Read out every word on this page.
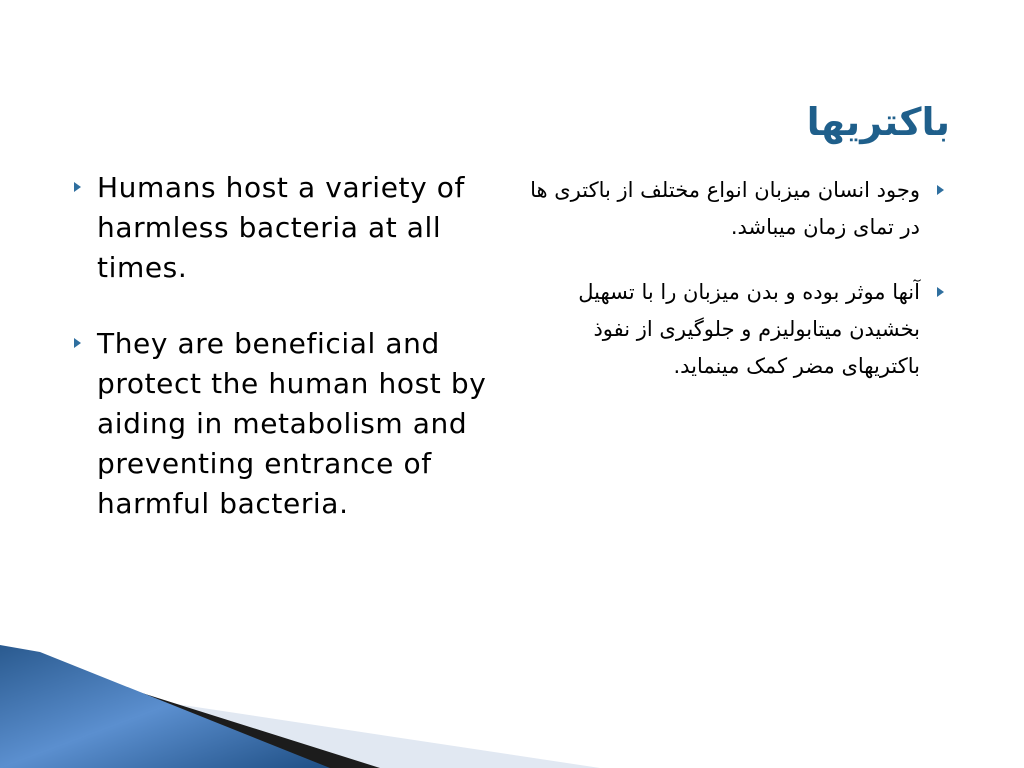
باکتریها
Humans host a variety of harmless bacteria at all times.
They are beneficial and protect the human host by aiding in metabolism and preventing entrance of harmful bacteria.
وجود انسان میزبان انواع مختلف از باکتری ها در تمای زمان میباشد.
آنها موثر بوده و بدن میزبان را با تسهیل بخشیدن میتابولیزم و جلوگیری از نفوذ باکتریهای مضر کمک مینماید.
